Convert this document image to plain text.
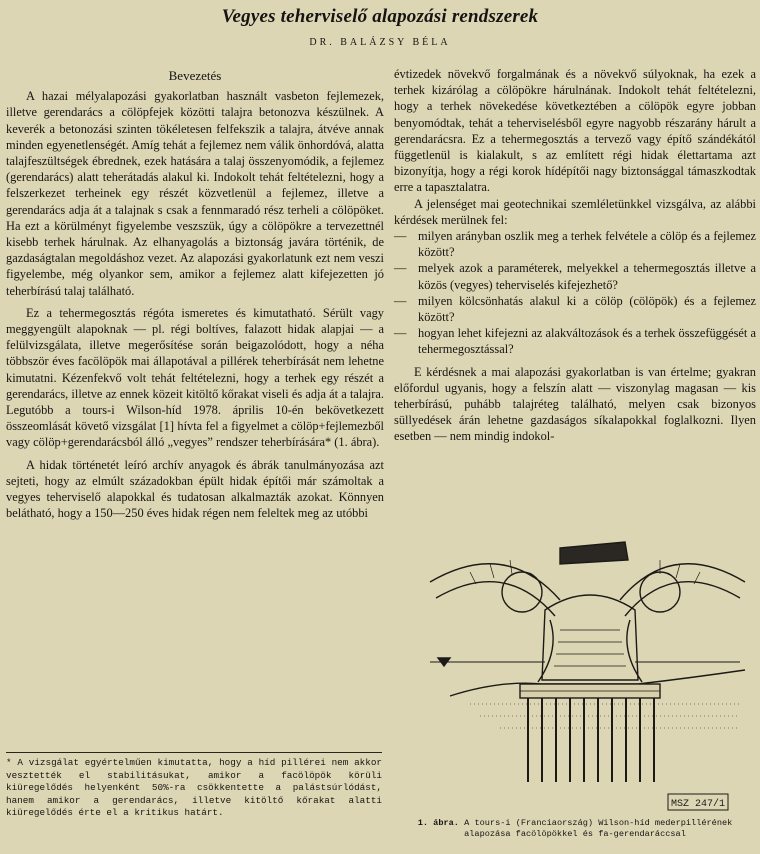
Vegyes teherviselő alapozási rendszerek
DR. BALÁZSY BÉLA
Bevezetés

A hazai mélyalapozási gyakorlatban használt vasbeton fejlemezek, illetve gerendarács a cölöpfejek közötti talajra betonozva készülnek. A keverék a betonozási szinten tökéletesen felfekszik a talajra, átvéve annak minden egyenetlenségét. Amíg tehát a fejlemez nem válik önhordóvá, alatta talajfeszültségek ébrednek, ezek hatására a talaj összenyomódik, a fejlemez (gerendarács) alatt teherátadás alakul ki. Indokolt tehát feltételezni, hogy a felszerkezet terheinek egy részét közvetlenül a fejlemez, illetve a gerendarács adja át a talajnak s csak a fennmaradó rész terheli a cölöpöket. Ha ezt a körülményt figyelembe veszszük, úgy a cölöpökre a tervezettnél kisebb terhek hárulnak. Az elhanyagolás a biztonság javára történik, de gazdaságtalan megoldáshoz vezet. Az alapozási gyakorlatunk ezt nem veszi figyelembe, még olyankor sem, amikor a fejlemez alatt kifejezetten jó teherbírású talaj található.

Ez a tehermegosztás régóta ismeretes és kimutatható. Sérült vagy meggyengült alapoknak — pl. régi boltíves, falazott hidak alapjai — a felülvizsgálata, illetve megerősítése során beigazolódott, hogy a néha többször éves facölöpök mai állapotával a pillérek teherbírását nem lehetne kimutatni. Kézenfekvő volt tehát feltételezni, hogy a terhek egy részét a gerendarács, illetve az ennek közeit kitöltő kőrakat viseli és adja át a talajra. Legutóbb a tours-i Wilson-híd 1978. április 10-én bekövetkezett összeomlását követő vizsgálat [1] hívta fel a figyelmet a cölöp+fejlemezből vagy cölöp+gerendarácsból álló „vegyes” rendszer teherbírására* (1. ábra).

A hidak történetét leíró archív anyagok és ábrák tanulmányozása azt sejteti, hogy az elmúlt századokban épült hidak építői már számoltak a vegyes teherviselő alapokkal és tudatosan alkalmazták azokat. Könnyen belátható, hogy a 150—250 éves hidak régen nem feleltek meg az utóbbi

* A vizsgálat egyértelműen kimutatta, hogy a híd pillérei nem akkor vesztették el stabilitásukat, amikor a facölöpök körüli kiüregelődés helyenként 50%-ra csökkentette a palástsúrlódást, hanem amikor a gerendarács, illetve kitöltő kőrakat alatti kiüregelődés érte el a kritikus határt.

évtizedek növekvő forgalmának és a növekvő súlyoknak, ha ezek a terhek kizárólag a cölöpökre hárulnának. Indokolt tehát feltételezni, hogy a terhek növekedése következtében a cölöpök egyre jobban benyomódtak, tehát a teherviselésből egyre nagyobb részarány hárult a gerendarácsra. Ez a tehermegosztás a tervező vagy építő szándékától függetlenül is kialakult, s az említett régi hidak élettartama azt bizonyítja, hogy a régi korok hídépítői nagy biztonsággal támaszkodtak erre a tapasztalatra.

A jelenséget mai geotechnikai szemléletünkkel vizsgálva, az alábbi kérdések merülnek fel:

— milyen arányban oszlik meg a terhek felvétele a cölöp és a fejlemez között?
— melyek azok a paraméterek, melyekkel a tehermegosztás illetve a közös (vegyes) teherviselés kifejezhető?
— milyen kölcsönhatás alakul ki a cölöp (cölöpök) és a fejlemez között?
— hogyan lehet kifejezni az alakváltozások és a terhek összefüggését a tehermegosztással?

E kérdésnek a mai alapozási gyakorlatban is van értelme; gyakran előfordul ugyanis, hogy a felszín alatt — viszonylag magasan — kis teherbírású, puhább talajréteg található, melyen csak bizonyos süllyedések árán lehetne gazdaságos síkalapokkal foglalkozni. Ilyen esetben — nem mindig indokol-

MSZ 247/1
1. ábra. A tours-i (Franciaország) Wilson-híd mederpillérének alapozása facölöpökkel és fa-gerendaráccsal
